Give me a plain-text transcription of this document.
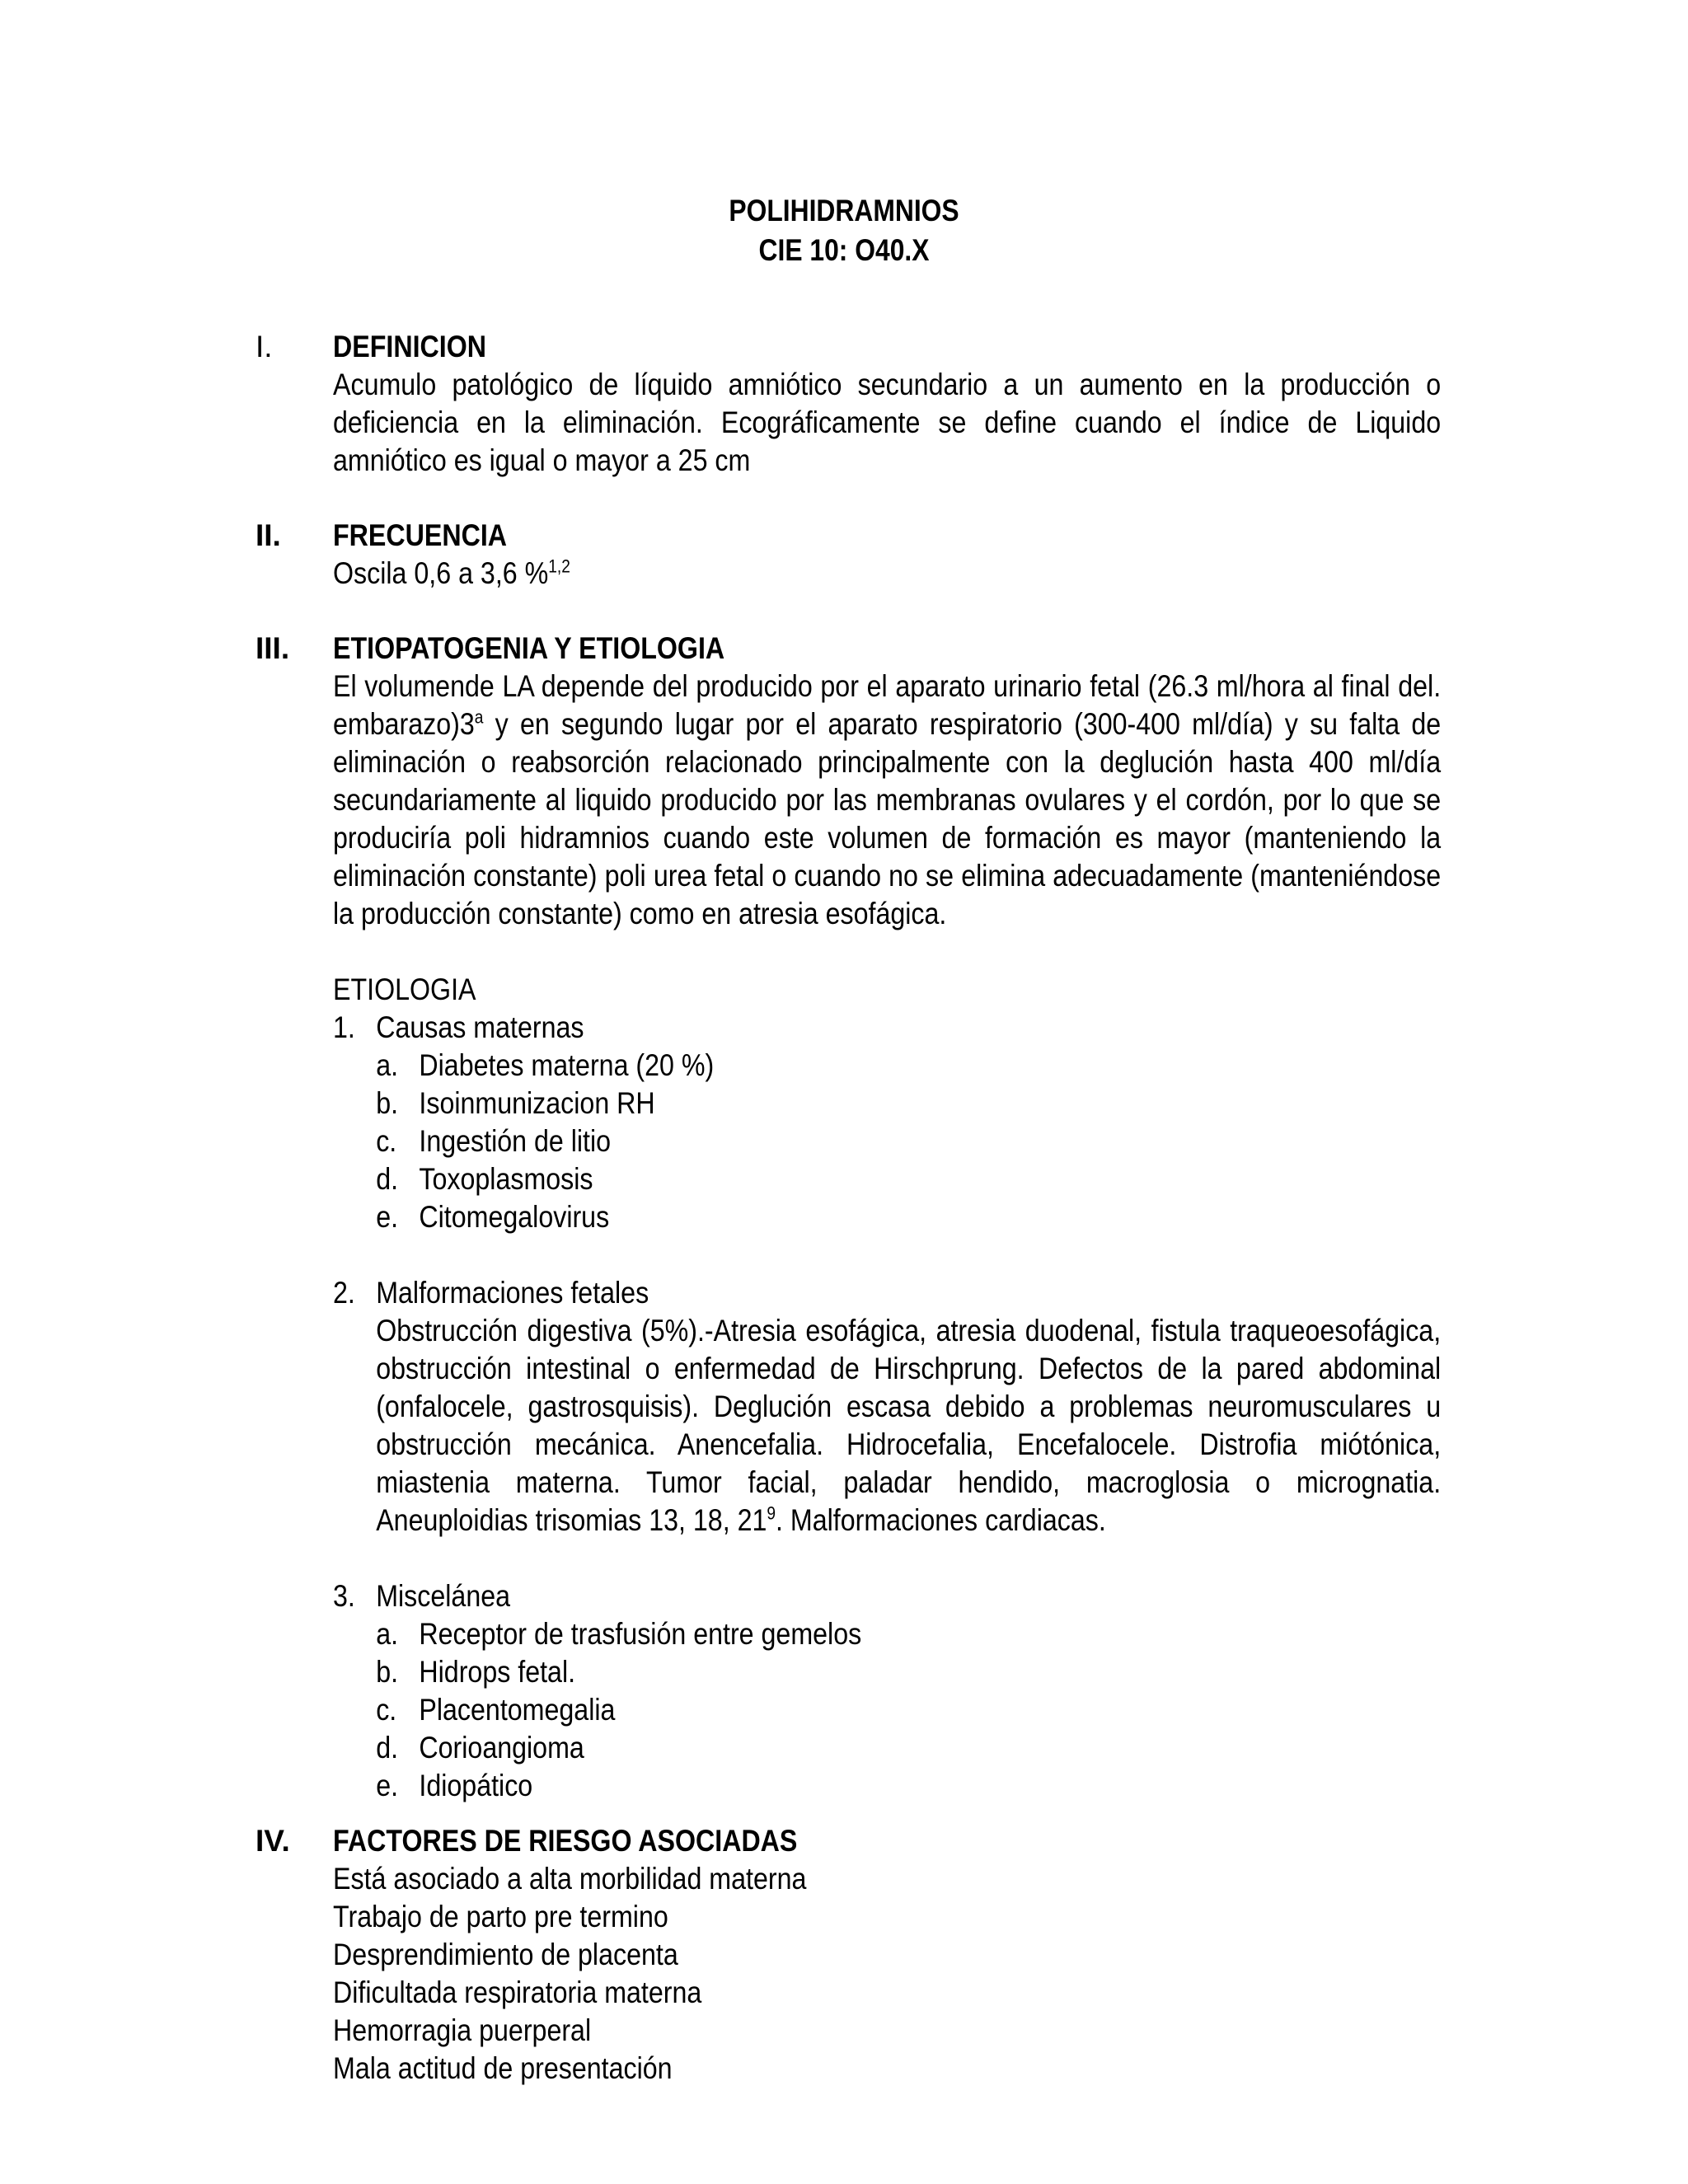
POLIHIDRAMNIOS
CIE 10: O40.X
I. DEFINICION
Acumulo patológico de líquido amniótico secundario a un aumento en la producción o deficiencia en la eliminación. Ecográficamente se define cuando el índice de Liquido amniótico es igual o mayor a 25 cm
II. FRECUENCIA
Oscila 0,6 a 3,6 %$^{1,2}$
III. ETIOPATOGENIA Y ETIOLOGIA
El volumende LA depende del producido por el aparato urinario fetal (26.3 ml/hora al final del. embarazo)3$^a$ y en segundo lugar por el aparato respiratorio (300-400 ml/día) y su falta de eliminación o reabsorción relacionado principalmente con la deglución hasta 400 ml/día secundariamente al liquido producido por las membranas ovulares y el cordón, por lo que se produciría poli hidramnios cuando este volumen de formación es mayor (manteniendo la eliminación constante) poli urea fetal o cuando no se elimina adecuadamente (manteniéndose la producción constante) como en atresia esofágica.
ETIOLOGIA
1. Causas maternas
a. Diabetes materna (20 %)
b. Isoinmunizacion RH
c. Ingestión de litio
d. Toxoplasmosis
e. Citomegalovirus
2. Malformaciones fetales
Obstrucción digestiva (5%).-Atresia esofágica, atresia duodenal, fistula traqueoesofágica, obstrucción intestinal o enfermedad de Hirschprung. Defectos de la pared abdominal (onfalocele, gastrosquisis). Deglución escasa debido a problemas neuromusculares u obstrucción mecánica. Anencefalia. Hidrocefalia, Encefalocele. Distrofia miótónica, miastenia materna. Tumor facial, paladar hendido, macroglosia o micrognatia. Aneuploidias trisomias 13, 18, $21^9$. Malformaciones cardiacas.
3. Miscelánea
a. Receptor de trasfusión entre gemelos
b. Hidrops fetal.
c. Placentomegalia
d. Corioangioma
e. Idiopático
IV. FACTORES DE RIESGO ASOCIADAS
Está asociado a alta morbilidad materna
Trabajo de parto pre termino
Desprendimiento de placenta
Dificultada respiratoria materna
Hemorragia puerperal
Mala actitud de presentación
